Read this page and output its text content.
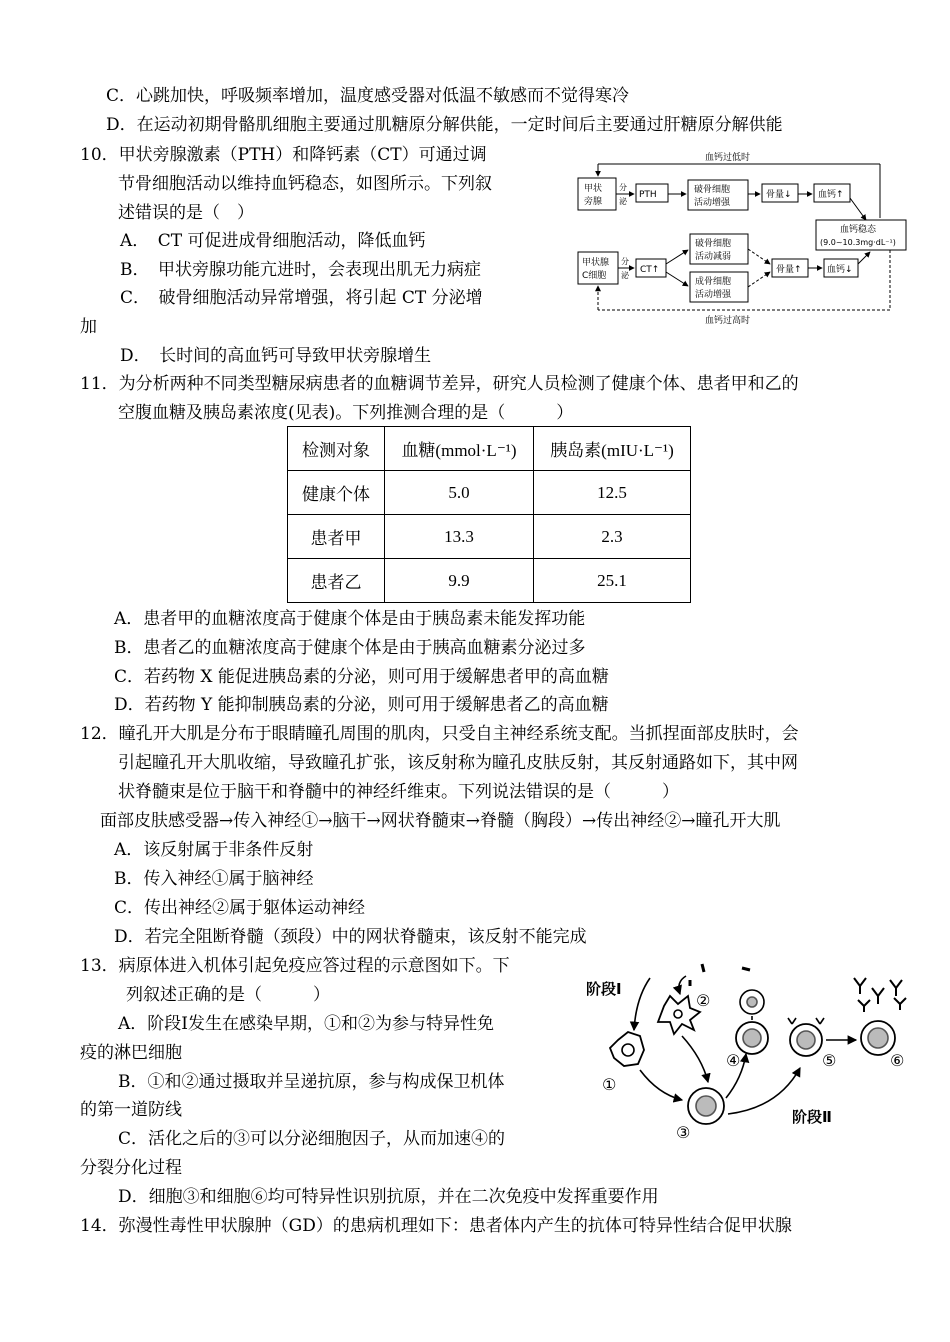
C．心跳加快，呼吸频率增加，温度感受器对低温不敏感而不觉得寒冷
D．在运动初期骨骼肌细胞主要通过肌糖原分解供能，一定时间后主要通过肝糖原分解供能
10．甲状旁腺激素（PTH）和降钙素（CT）可通过调
节骨细胞活动以维持血钙稳态，如图所示。下列叙
述错误的是（　）
A．　CT 可促进成骨细胞活动，降低血钙
B．　甲状旁腺功能亢进时，会表现出肌无力病症
C．　破骨细胞活动异常增强，将引起 CT 分泌增
加
D．　长时间的高血钙可导致甲状旁腺增生
血钙过低时
甲状
旁腺
分
泌
PTH	破骨细胞
活动增强
骨量↓	血钙↑
血钙稳态
(9.0~10.3mg·dL⁻¹)
甲状腺
C细胞
分
泌
CT↑
破骨细胞
活动减弱
成骨细胞
活动增强
骨量↑	血钙↓
血钙过高时
11．为分析两种不同类型糖尿病患者的血糖调节差异，研究人员检测了健康个体、患者甲和乙的
空腹血糖及胰岛素浓度(见表)。下列推测合理的是（　　　）
检测对象	血糖(mmol·L⁻¹)	胰岛素(mIU·L⁻¹)
健康个体	5.0	12.5
患者甲	13.3	2.3
患者乙	9.9	25.1
A．患者甲的血糖浓度高于健康个体是由于胰岛素未能发挥功能
B．患者乙的血糖浓度高于健康个体是由于胰高血糖素分泌过多
C．若药物 X 能促进胰岛素的分泌，则可用于缓解患者甲的高血糖
D．若药物 Y 能抑制胰岛素的分泌，则可用于缓解患者乙的高血糖
12．瞳孔开大肌是分布于眼睛瞳孔周围的肌肉，只受自主神经系统支配。当抓捏面部皮肤时，会
引起瞳孔开大肌收缩，导致瞳孔扩张，该反射称为瞳孔皮肤反射，其反射通路如下，其中网
状脊髓束是位于脑干和脊髓中的神经纤维束。下列说法错误的是（　　　）
面部皮肤感受器→传入神经①→脑干→网状脊髓束→脊髓（胸段）→传出神经②→瞳孔开大肌
A．该反射属于非条件反射
B．传入神经①属于脑神经
C．传出神经②属于躯体运动神经
D．若完全阻断脊髓（颈段）中的网状脊髓束，该反射不能完成
13．病原体进入机体引起免疫应答过程的示意图如下。下
列叙述正确的是（　　　）
A．阶段Ⅰ发生在感染早期，①和②为参与特异性免
疫的淋巴细胞
B．①和②通过摄取并呈递抗原，参与构成保卫机体
的第一道防线
C．活化之后的③可以分泌细胞因子，从而加速④的
分裂分化过程
D．细胞③和细胞⑥均可特异性识别抗原，并在二次免疫中发挥重要作用
阶段Ⅰ
阶段Ⅱ
①
②
③
④	⑤	⑥
14．弥漫性毒性甲状腺肿（GD）的患病机理如下：患者体内产生的抗体可特异性结合促甲状腺
